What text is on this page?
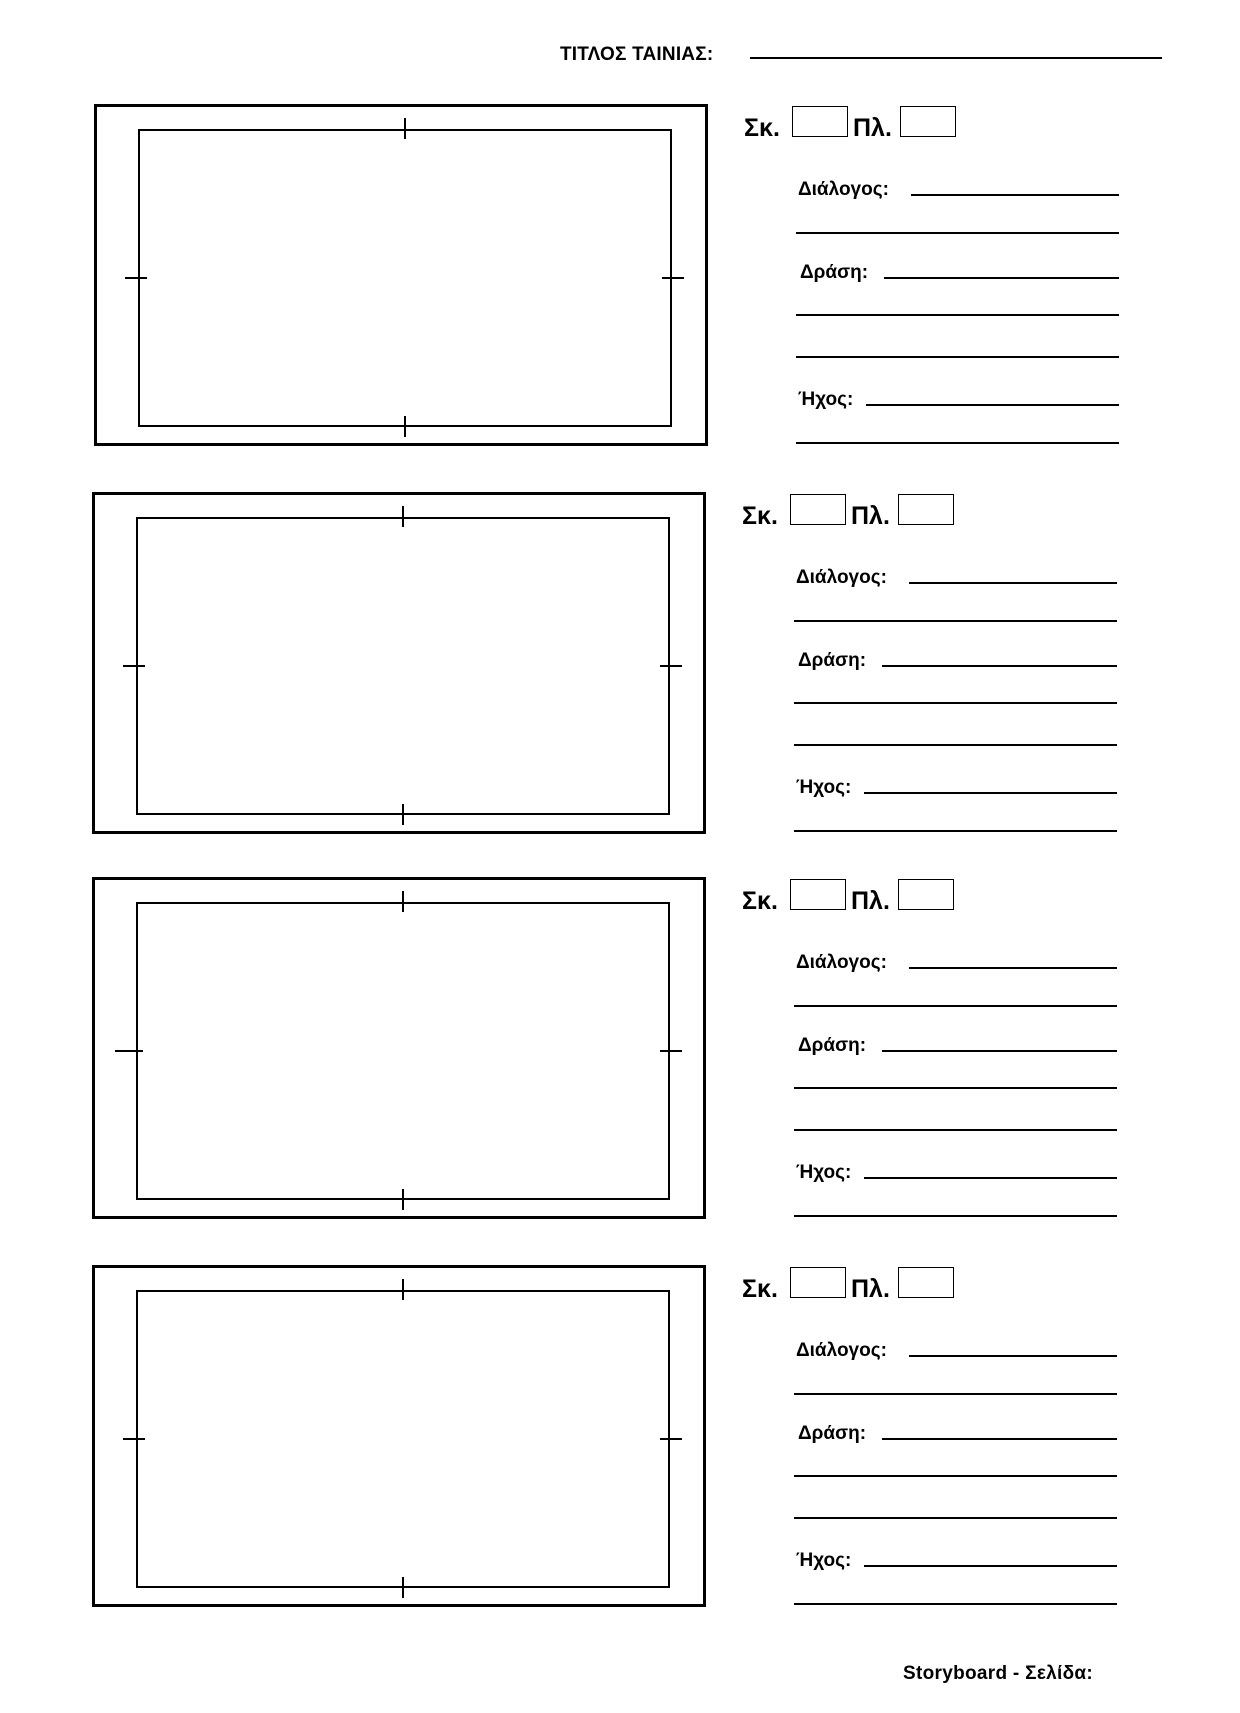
ΤΙΤΛΟΣ ΤΑΙΝΙΑΣ:
Σκ.	Πλ.
Διάλογος:
Δράση:
Ήχος:
Σκ.	Πλ.
Διάλογος:
Δράση:
Ήχος:
Σκ.	Πλ.
Διάλογος:
Δράση:
Ήχος:
Σκ.	Πλ.
Διάλογος:
Δράση:
Ήχος:
Storyboard - Σελίδα:
